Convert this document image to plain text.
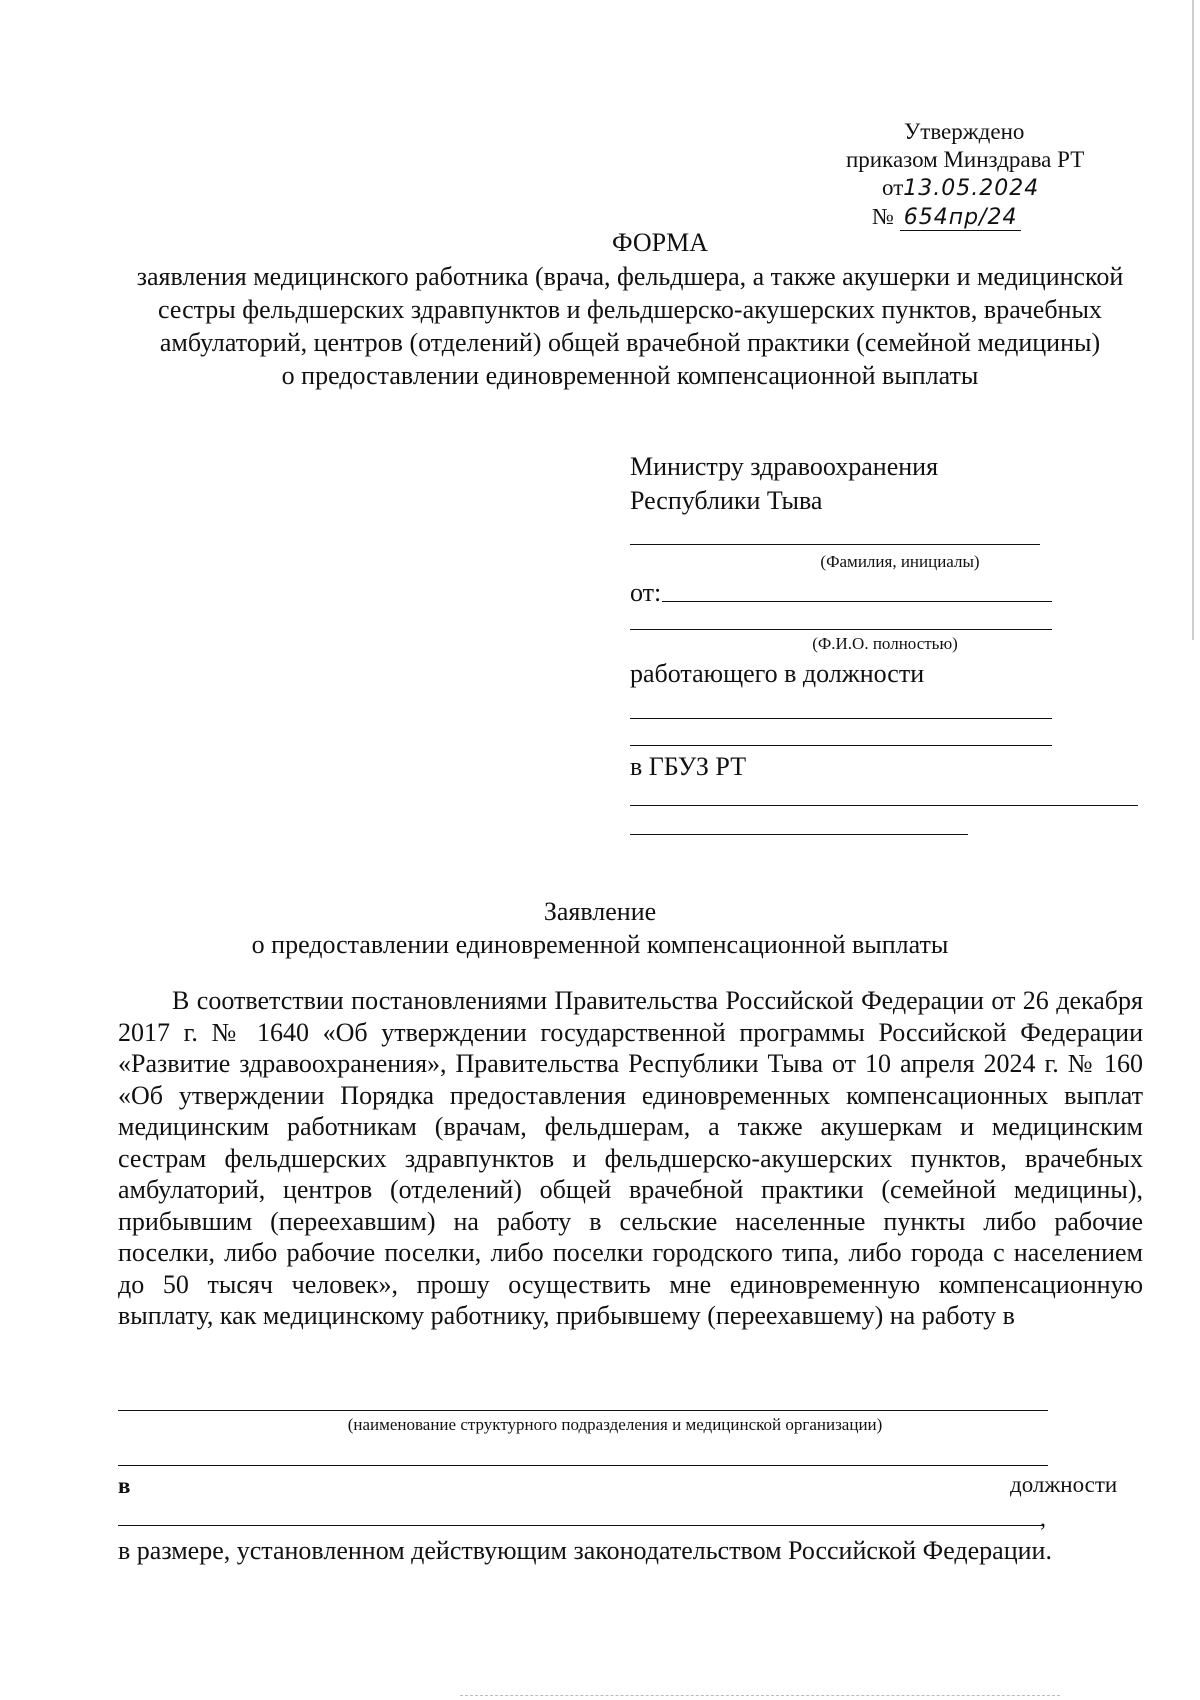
Утверждено
приказом Минздрава РТ
от13.05.2024
№ 654пр/24
ФОРМА
заявления медицинского работника (врача, фельдшера, а также акушерки и медицинской сестры фельдшерских здравпунктов и фельдшерско-акушерских пунктов, врачебных амбулаторий, центров (отделений) общей врачебной практики (семейной медицины)
о предоставлении единовременной компенсационной выплаты
Министру здравоохранения
Республики Тыва
(Фамилия, инициалы)
от:
(Ф.И.О. полностью)
работающего в должности
в ГБУЗ РТ
Заявление
о предоставлении единовременной компенсационной выплаты

В соответствии постановлениями Правительства Российской Федерации от 26 декабря 2017 г. № 1640 «Об утверждении государственной программы Российской Федерации «Развитие здравоохранения», Правительства Республики Тыва от 10 апреля 2024 г. № 160 «Об утверждении Порядка предоставления единовременных компенсационных выплат медицинским работникам (врачам, фельдшерам, а также акушеркам и медицинским сестрам фельдшерских здравпунктов и фельдшерско-акушерских пунктов, врачебных амбулаторий, центров (отделений) общей врачебной практики (семейной медицины), прибывшим (переехавшим) на работу в сельские населенные пункты либо рабочие поселки, либо рабочие поселки, либо поселки городского типа, либо города с населением до 50 тысяч человек», прошу осуществить мне единовременную компенсационную выплату, как медицинскому работнику, прибывшему (переехавшему) на работу в

(наименование структурного подразделения и медицинской организации)
в	должности
,
в размере, установленном действующим законодательством Российской Федерации.
